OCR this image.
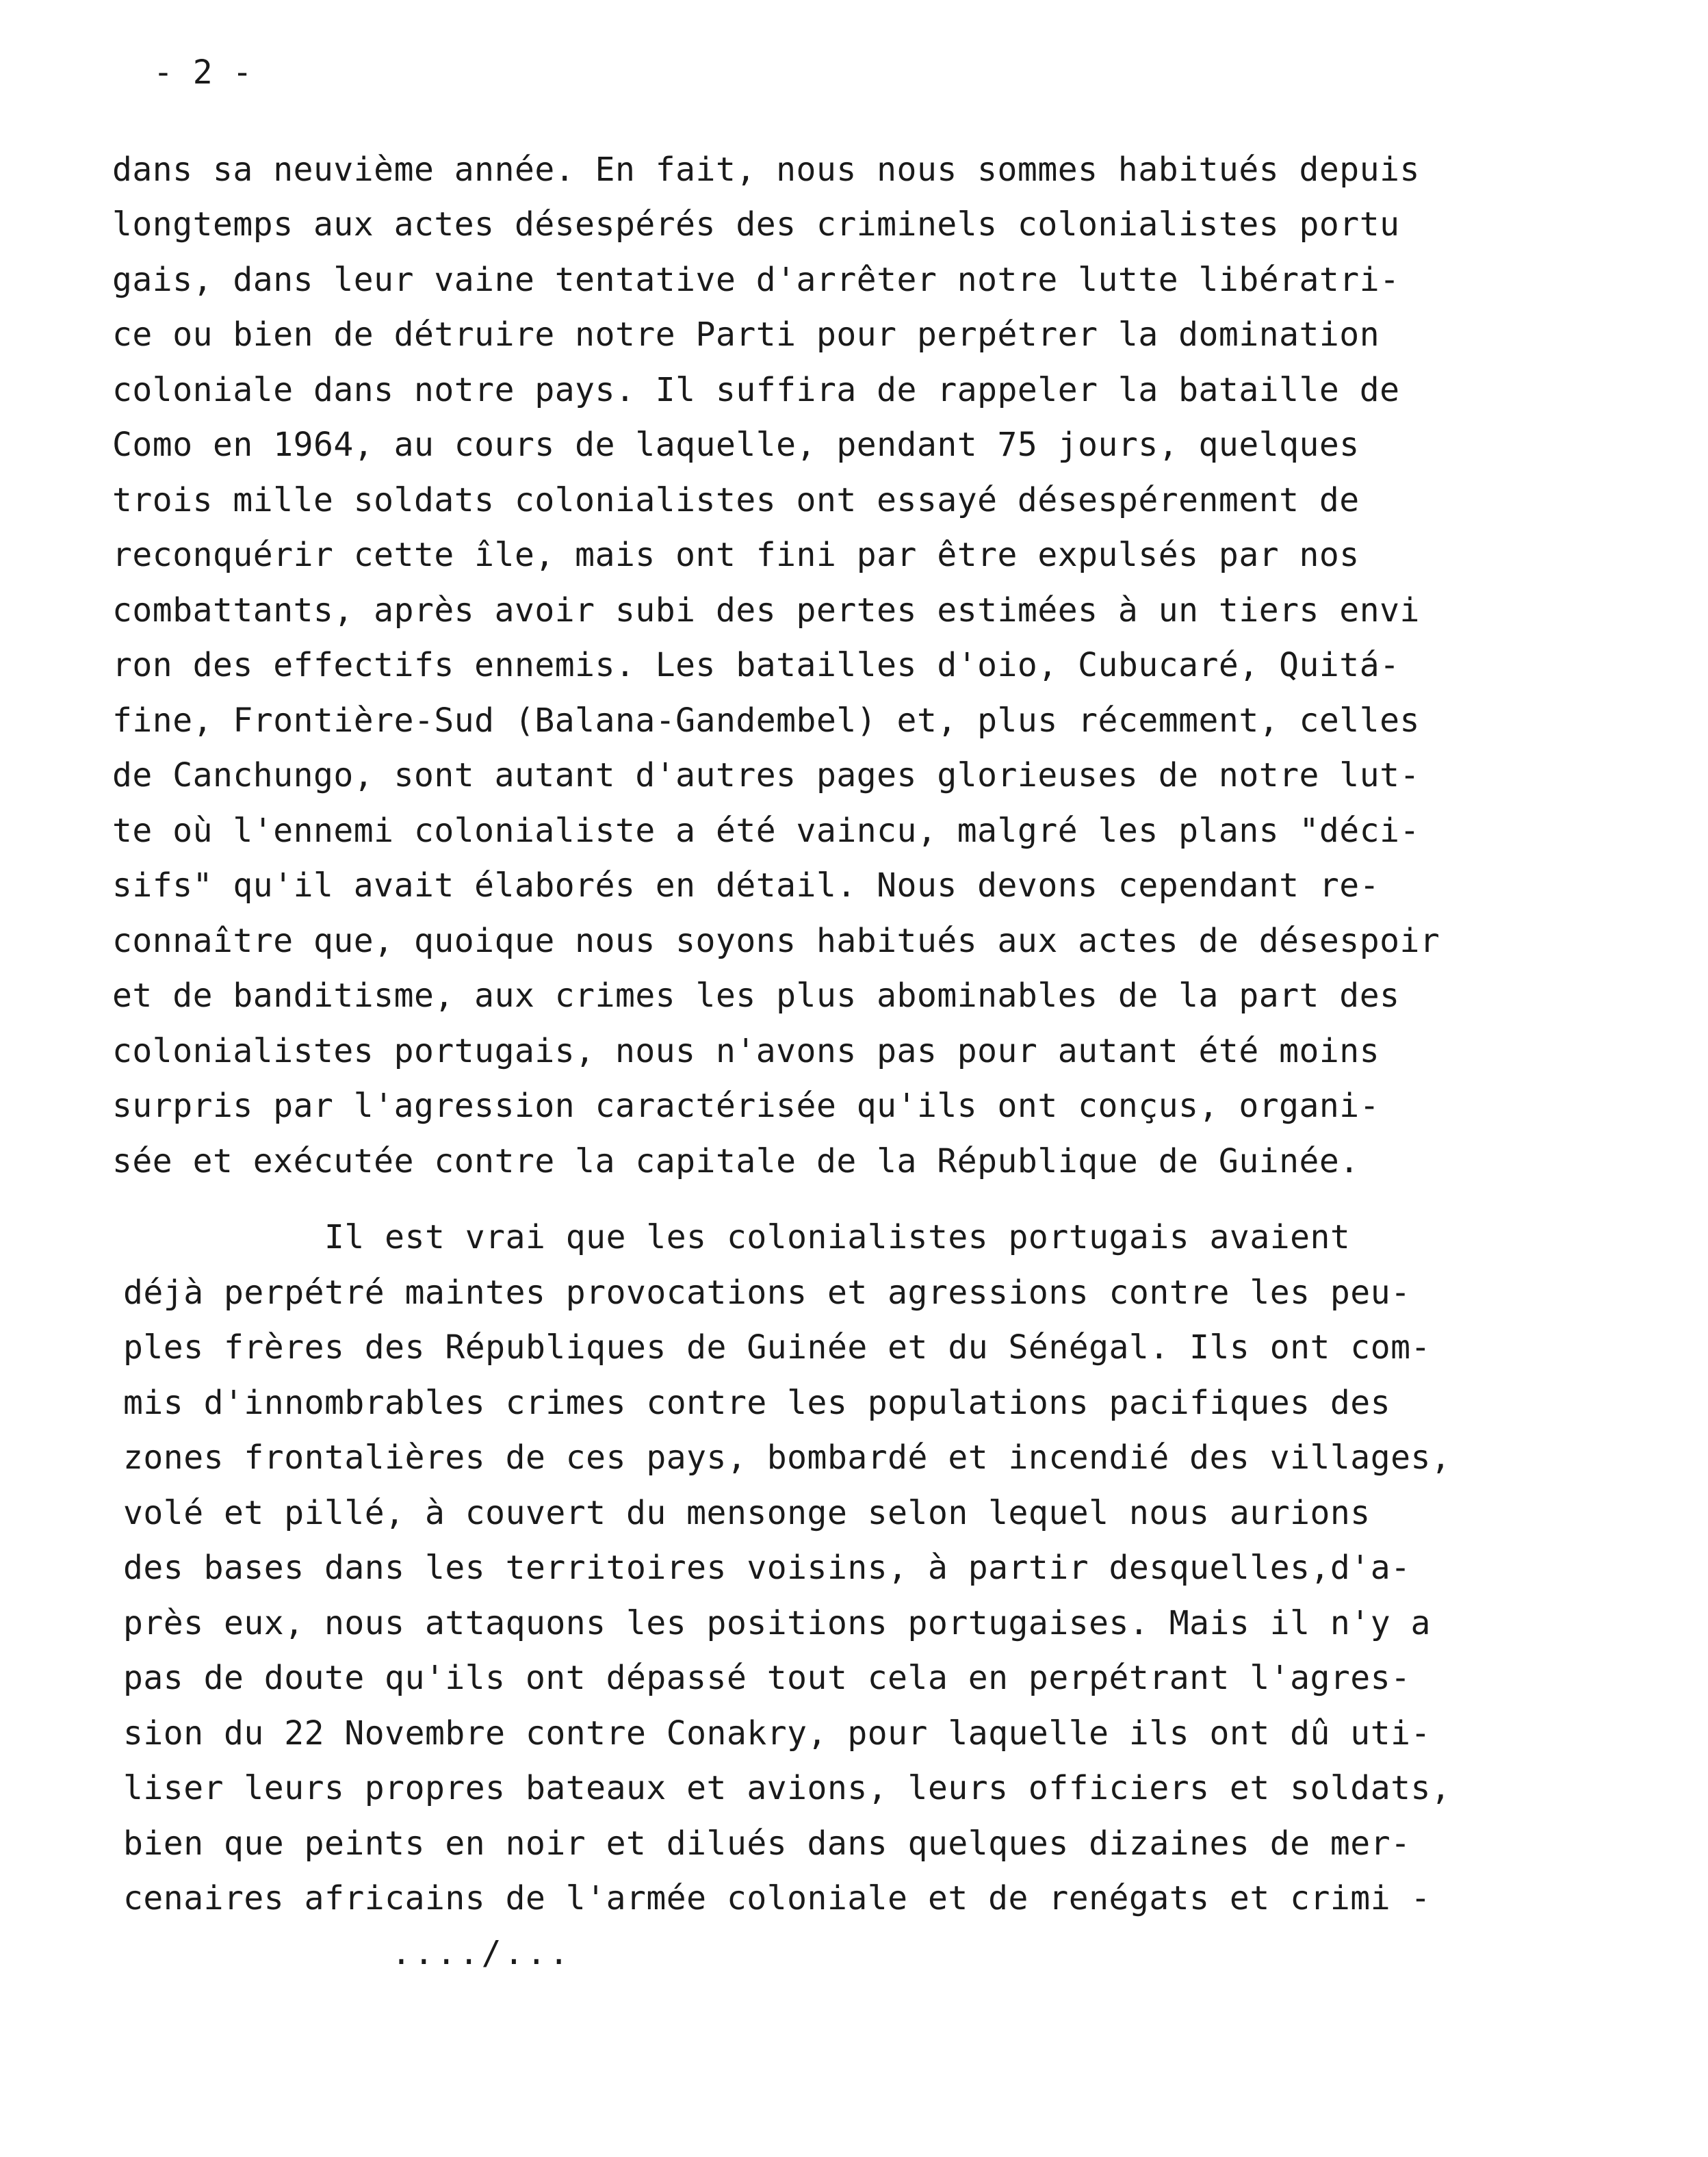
- 2 -
dans sa neuvième année. En fait, nous nous sommes habitués depuis
longtemps aux actes désespérés des criminels colonialistes portu
gais, dans leur vaine tentative d'arrêter notre lutte libératri-
ce ou bien de détruire notre Parti pour perpétrer la domination
coloniale dans notre pays. Il suffira de rappeler la bataille de
Como en 1964, au cours de laquelle, pendant 75 jours, quelques
trois mille soldats colonialistes ont essayé désespérenment de
reconquérir cette île, mais ont fini par être expulsés par nos
combattants, après avoir subi des pertes estimées à un tiers envi
ron des effectifs ennemis. Les batailles d'oio, Cubucaré, Quitá-
fine, Frontière-Sud (Balana-Gandembel) et, plus récemment, celles
de Canchungo, sont autant d'autres pages glorieuses de notre lut-
te où l'ennemi colonialiste a été vaincu, malgré les plans "déci-
sifs" qu'il avait élaborés en détail. Nous devons cependant re-
connaître que, quoique nous soyons habitués aux actes de désespoir
et de banditisme, aux crimes les plus abominables de la part des
colonialistes portugais, nous n'avons pas pour autant été moins
surpris par l'agression caractérisée qu'ils ont conçus, organi-
sée et exécutée contre la capitale de la République de Guinée.
Il est vrai que les colonialistes portugais avaient
déjà perpétré maintes provocations et agressions contre les peu-
ples frères des Républiques de Guinée et du Sénégal. Ils ont com-
mis d'innombrables crimes contre les populations pacifiques des
zones frontalières de ces pays, bombardé et incendié des villages,
volé et pillé, à couvert du mensonge selon lequel nous aurions
des bases dans les territoires voisins, à partir desquelles,d'a-
près eux, nous attaquons les positions portugaises. Mais il n'y a
pas de doute qu'ils ont dépassé tout cela en perpétrant l'agres-
sion du 22 Novembre contre Conakry, pour laquelle ils ont dû uti-
liser leurs propres bateaux et avions, leurs officiers et soldats,
bien que peints en noir et dilués dans quelques dizaines de mer-
cenaires africains de l'armée coloniale et de renégats et crimi -
..../...
